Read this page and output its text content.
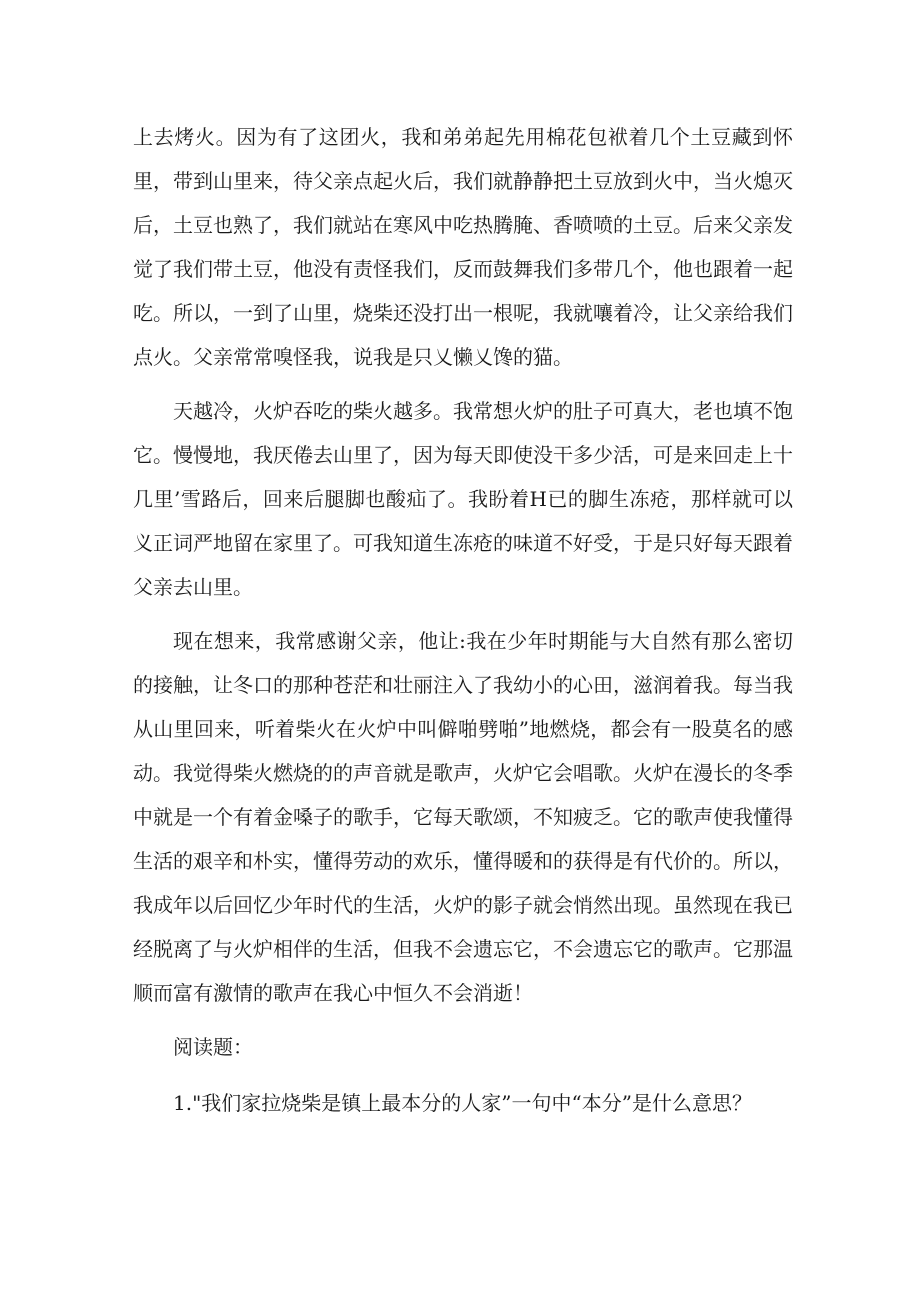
上去烤火。因为有了这团火，我和弟弟起先用棉花包袱着几个土豆藏到怀里，带到山里来，待父亲点起火后，我们就静静把土豆放到火中，当火熄灭后，土豆也熟了，我们就站在寒风中吃热腾腌、香喷喷的土豆。后来父亲发觉了我们带土豆，他没有责怪我们，反而鼓舞我们多带几个，他也跟着一起吃。所以，一到了山里，烧柴还没打出一根呢，我就嚷着冷，让父亲给我们点火。父亲常常嗅怪我，说我是只乂懒乂馋的猫。

天越冷，火炉吞吃的柴火越多。我常想火炉的肚子可真大，老也填不饱它。慢慢地，我厌倦去山里了，因为每天即使没干多少活，可是来回走上十几里’雪路后，回来后腿脚也酸疝了。我盼着H已的脚生冻疮，那样就可以义正词严地留在家里了。可我知道生冻疮的味道不好受，于是只好每天跟着父亲去山里。

现在想来，我常感谢父亲，他让:我在少年时期能与大自然有那么密切的接触，让冬口的那种苍茫和壮丽注入了我幼小的心田，滋润着我。每当我从山里回来，听着柴火在火炉中叫僻啪劈啪”地燃烧，都会有一股莫名的感动。我觉得柴火燃烧的的声音就是歌声，火炉它会唱歌。火炉在漫长的冬季中就是一个有着金嗓子的歌手，它每天歌颂，不知疲乏。它的歌声使我懂得生活的艰辛和朴实，懂得劳动的欢乐，懂得暖和的获得是有代价的。所以，我成年以后回忆少年时代的生活，火炉的影子就会悄然出现。虽然现在我已经脱离了与火炉相伴的生活，但我不会遗忘它，不会遗忘它的歌声。它那温顺而富有激情的歌声在我心中恒久不会消逝！

阅读题：

1."我们家拉烧柴是镇上最本分的人家”一句中“本分”是什么意思？
